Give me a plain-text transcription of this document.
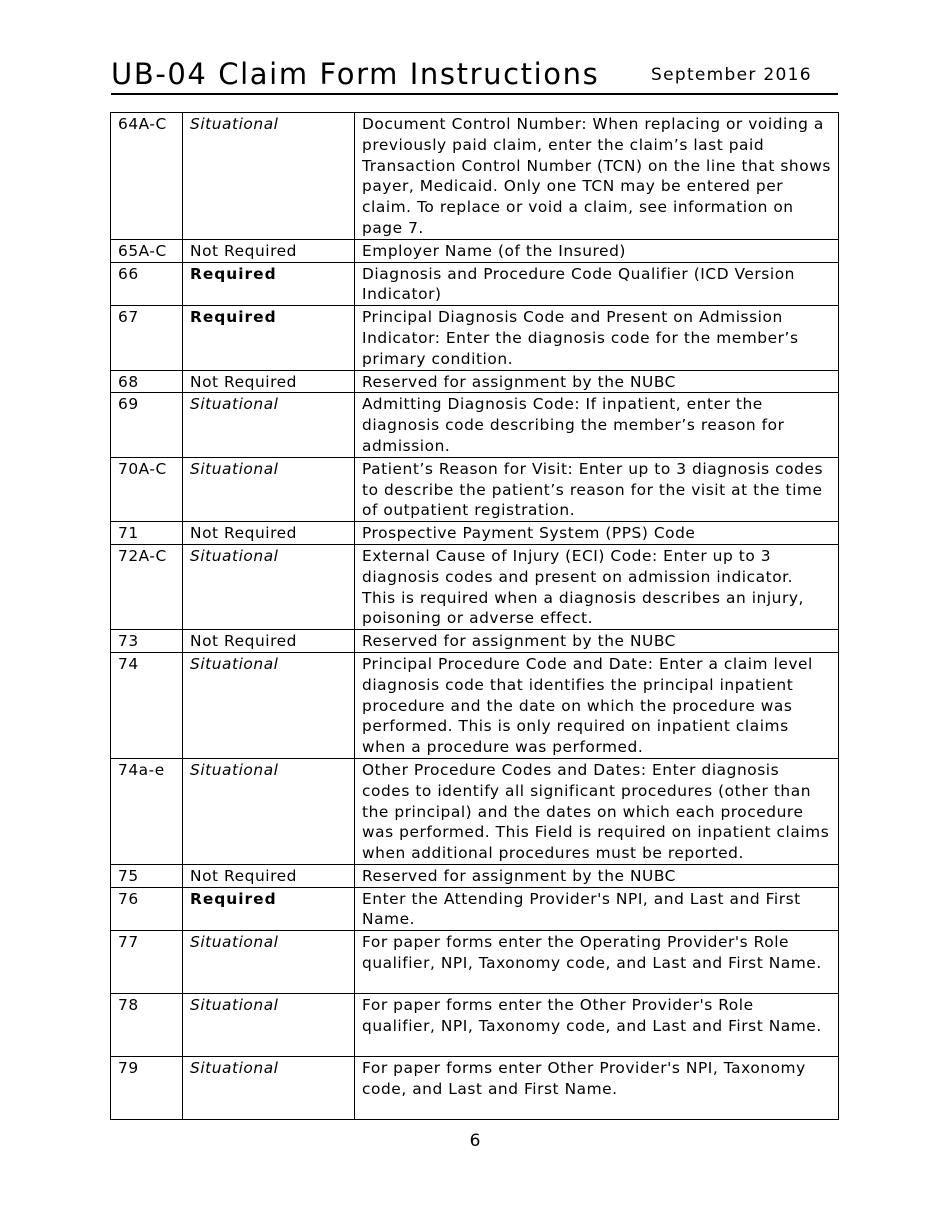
UB-04 Claim Form Instructions	September 2016
64A-C	Situational	Document Control Number: When replacing or voiding a previously paid claim, enter the claim’s last paid Transaction Control Number (TCN) on the line that shows payer, Medicaid. Only one TCN may be entered per claim. To replace or void a claim, see information on page 7.
65A-C	Not Required	Employer Name (of the Insured)
66	Required	Diagnosis and Procedure Code Qualifier (ICD Version Indicator)
67	Required	Principal Diagnosis Code and Present on Admission Indicator: Enter the diagnosis code for the member’s primary condition.
68	Not Required	Reserved for assignment by the NUBC
69	Situational	Admitting Diagnosis Code: If inpatient, enter the diagnosis code describing the member’s reason for admission.
70A-C	Situational	Patient’s Reason for Visit: Enter up to 3 diagnosis codes to describe the patient’s reason for the visit at the time of outpatient registration.
71	Not Required	Prospective Payment System (PPS) Code
72A-C	Situational	External Cause of Injury (ECI) Code: Enter up to 3 diagnosis codes and present on admission indicator. This is required when a diagnosis describes an injury, poisoning or adverse effect.
73	Not Required	Reserved for assignment by the NUBC
74	Situational	Principal Procedure Code and Date: Enter a claim level diagnosis code that identifies the principal inpatient procedure and the date on which the procedure was performed. This is only required on inpatient claims when a procedure was performed.
74a-e	Situational	Other Procedure Codes and Dates: Enter diagnosis codes to identify all significant procedures (other than the principal) and the dates on which each procedure was performed. This Field is required on inpatient claims when additional procedures must be reported.
75	Not Required	Reserved for assignment by the NUBC
76	Required	Enter the Attending Provider's NPI, and Last and First Name.
77	Situational	For paper forms enter the Operating Provider's Role qualifier, NPI, Taxonomy code, and Last and First Name.
78	Situational	For paper forms enter the Other Provider's Role qualifier, NPI, Taxonomy code, and Last and First Name.
79	Situational	For paper forms enter Other Provider's NPI, Taxonomy code, and Last and First Name.
6
